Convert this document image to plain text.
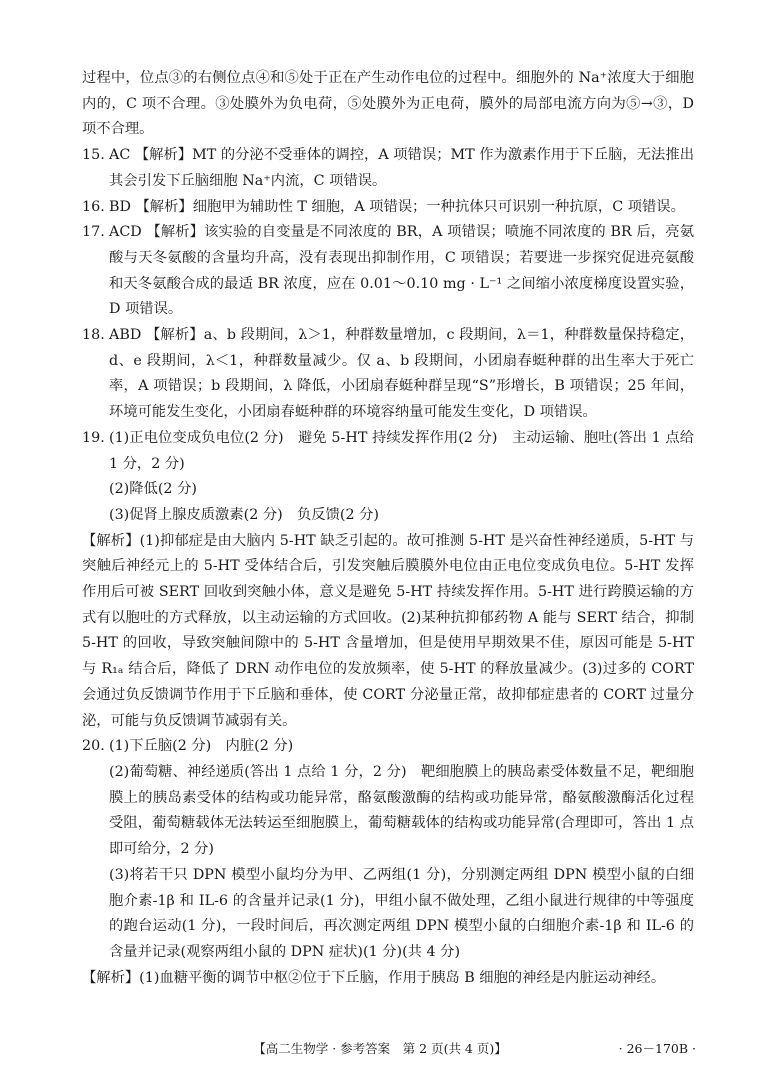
过程中，位点③的右侧位点④和⑤处于正在产生动作电位的过程中。细胞外的 Na⁺浓度大于细胞内的，C 项不合理。③处膜外为负电荷，⑤处膜外为正电荷，膜外的局部电流方向为⑤→③，D 项不合理。

15. AC 【解析】MT 的分泌不受垂体的调控，A 项错误；MT 作为激素作用于下丘脑，无法推出其会引发下丘脑细胞 Na⁺内流，C 项错误。
16. BD 【解析】细胞甲为辅助性 T 细胞，A 项错误；一种抗体只可识别一种抗原，C 项错误。
17. ACD 【解析】该实验的自变量是不同浓度的 BR，A 项错误；喷施不同浓度的 BR 后，亮氨酸与天冬氨酸的含量均升高，没有表现出抑制作用，C 项错误；若要进一步探究促进亮氨酸和天冬氨酸合成的最适 BR 浓度，应在 0.01～0.10 mg · L⁻¹ 之间缩小浓度梯度设置实验，D 项错误。
18. ABD 【解析】a、b 段期间，λ＞1，种群数量增加，c 段期间，λ＝1，种群数量保持稳定，d、e 段期间，λ＜1，种群数量减少。仅 a、b 段期间，小团扇春蜓种群的出生率大于死亡率，A 项错误；b 段期间，λ 降低，小团扇春蜓种群呈现“S”形增长，B 项错误；25 年间，环境可能发生变化，小团扇春蜓种群的环境容纳量可能发生变化，D 项错误。
19. (1)正电位变成负电位(2 分)　避免 5-HT 持续发挥作用(2 分)　主动运输、胞吐(答出 1 点给 1 分，2 分)

(2)降低(2 分)

(3)促肾上腺皮质激素(2 分)　负反馈(2 分)

【解析】(1)抑郁症是由大脑内 5-HT 缺乏引起的。故可推测 5-HT 是兴奋性神经递质，5-HT 与突触后神经元上的 5-HT 受体结合后，引发突触后膜膜外电位由正电位变成负电位。5-HT 发挥作用后可被 SERT 回收到突触小体，意义是避免 5-HT 持续发挥作用。5-HT 进行跨膜运输的方式有以胞吐的方式释放，以主动运输的方式回收。(2)某种抗抑郁药物 A 能与 SERT 结合，抑制 5-HT 的回收，导致突触间隙中的 5-HT 含量增加，但是使用早期效果不佳，原因可能是 5-HT 与 R₁ₐ 结合后，降低了 DRN 动作电位的发放频率，使 5-HT 的释放量减少。(3)过多的 CORT 会通过负反馈调节作用于下丘脑和垂体，使 CORT 分泌量正常，故抑郁症患者的 CORT 过量分泌，可能与负反馈调节减弱有关。

20. (1)下丘脑(2 分)　内脏(2 分)

(2)葡萄糖、神经递质(答出 1 点给 1 分，2 分)　靶细胞膜上的胰岛素受体数量不足，靶细胞膜上的胰岛素受体的结构或功能异常，酪氨酸激酶的结构或功能异常，酪氨酸激酶活化过程受阻，葡萄糖载体无法转运至细胞膜上，葡萄糖载体的结构或功能异常(合理即可，答出 1 点即可给分，2 分)

(3)将若干只 DPN 模型小鼠均分为甲、乙两组(1 分)，分别测定两组 DPN 模型小鼠的白细胞介素-1β 和 IL-6 的含量并记录(1 分)，甲组小鼠不做处理，乙组小鼠进行规律的中等强度的跑台运动(1 分)，一段时间后，再次测定两组 DPN 模型小鼠的白细胞介素-1β 和 IL-6 的含量并记录(观察两组小鼠的 DPN 症状)(1 分)(共 4 分)

【解析】(1)血糖平衡的调节中枢②位于下丘脑，作用于胰岛 B 细胞的神经是内脏运动神经。

【高二生物学 · 参考答案　第 2 页(共 4 页)】	· 26－170B ·
